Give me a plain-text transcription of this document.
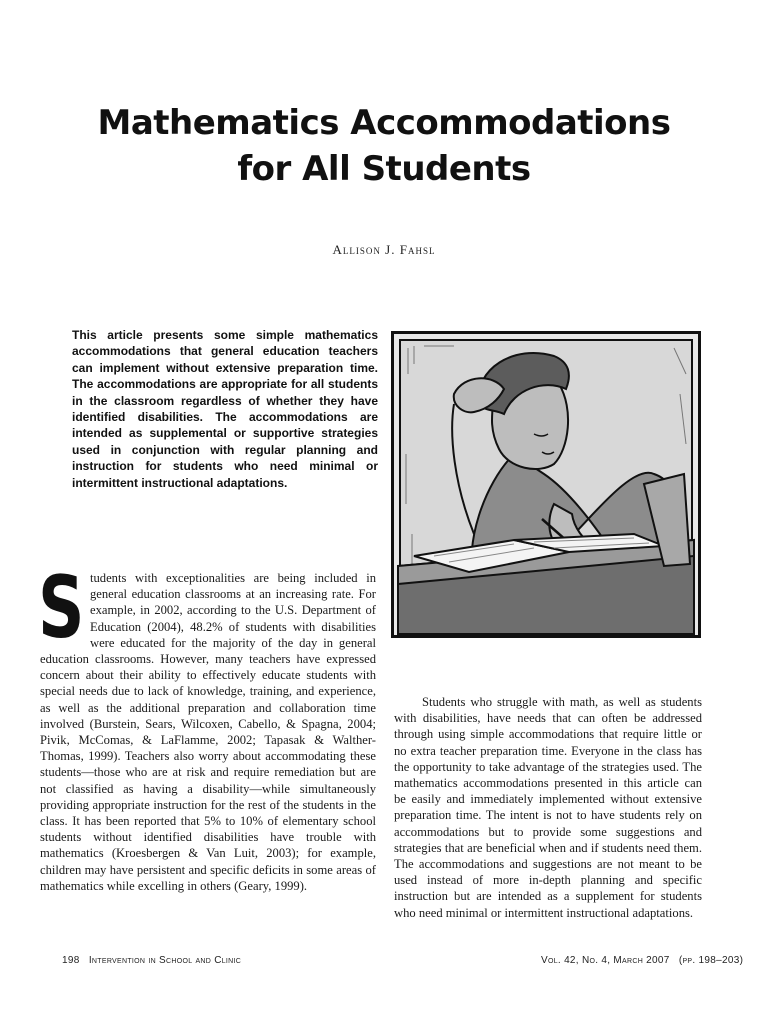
Mathematics Accommodations
for All Students
Allison J. Fahsl
This article presents some simple mathematics accommodations that general education teachers can implement without extensive preparation time. The accommodations are appropriate for all students in the classroom regardless of whether they have identified disabilities. The accommodations are intended as supplemental or supportive strategies used in conjunction with regular planning and instruction for students who need minimal or intermittent instructional adaptations.
S tudents with exceptionalities are being included in general education classrooms at an increasing rate. For example, in 2002, according to the U.S. Department of Education (2004), 48.2% of students with disabilities were educated for the majority of the day in general education classrooms. However, many teachers have expressed concern about their ability to effectively educate students with special needs due to lack of knowledge, training, and experience, as well as the additional preparation and collaboration time involved (Burstein, Sears, Wilcoxen, Cabello, & Spagna, 2004; Pivik, McComas, & LaFlamme, 2002; Tapasak & Walther-Thomas, 1999). Teachers also worry about accommodating these students—those who are at risk and require remediation but are not classified as having a disability—while simultaneously providing appropriate instruction for the rest of the students in the class. It has been reported that 5% to 10% of elementary school students without identified disabilities have trouble with mathematics (Kroesbergen & Van Luit, 2003); for example, children may have persistent and specific deficits in some areas of mathematics while excelling in others (Geary, 1999).
Students who struggle with math, as well as students with disabilities, have needs that can often be addressed through using simple accommodations that require little or no extra teacher preparation time. Everyone in the class has the opportunity to take advantage of the strategies used. The mathematics accommodations presented in this article can be easily and immediately implemented without extensive preparation time. The intent is not to have students rely on accommodations but to provide some suggestions and strategies that are beneficial when and if students need them. The accommodations and suggestions are not meant to be used instead of more in-depth planning and specific instruction but are intended as a supplement for students who need minimal or intermittent instructional adaptations.
198 Intervention in School and Clinic	Vol. 42, No. 4, March 2007 (pp. 198–203)
